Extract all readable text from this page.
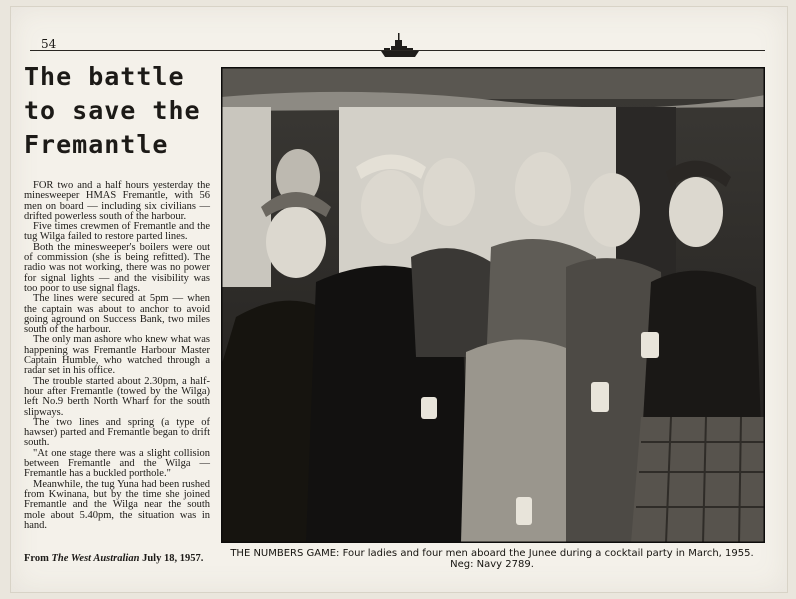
54
The battle
to save the
Fremantle

FOR two and a half hours yesterday the minesweeper HMAS Fremantle, with 56 men on board — including six civilians — drifted powerless south of the harbour.

Five times crewmen of Fremantle and the tug Wilga failed to restore parted lines.

Both the minesweeper's boilers were out of commission (she is being refitted). The radio was not working, there was no power for signal lights — and the visibility was too poor to use signal flags.

The lines were secured at 5pm — when the captain was about to anchor to avoid going aground on Success Bank, two miles south of the harbour.

The only man ashore who knew what was happening was Fremantle Harbour Master Captain Humble, who watched through a radar set in his office.

The trouble started about 2.30pm, a half-hour after Fremantle (towed by the Wilga) left No.9 berth North Wharf for the south slipways.

The two lines and spring (a type of hawser) parted and Fremantle began to drift south.

"At one stage there was a slight collision between Fremantle and the Wilga — Fremantle has a buckled porthole."

Meanwhile, the tug Yuna had been rushed from Kwinana, but by the time she joined Fremantle and the Wilga near the south mole about 5.40pm, the situation was in hand.

From The West Australian July 18, 1957.	THE NUMBERS GAME: Four ladies and four men aboard the Junee during a cocktail party in March, 1955.
Neg: Navy 2789.
